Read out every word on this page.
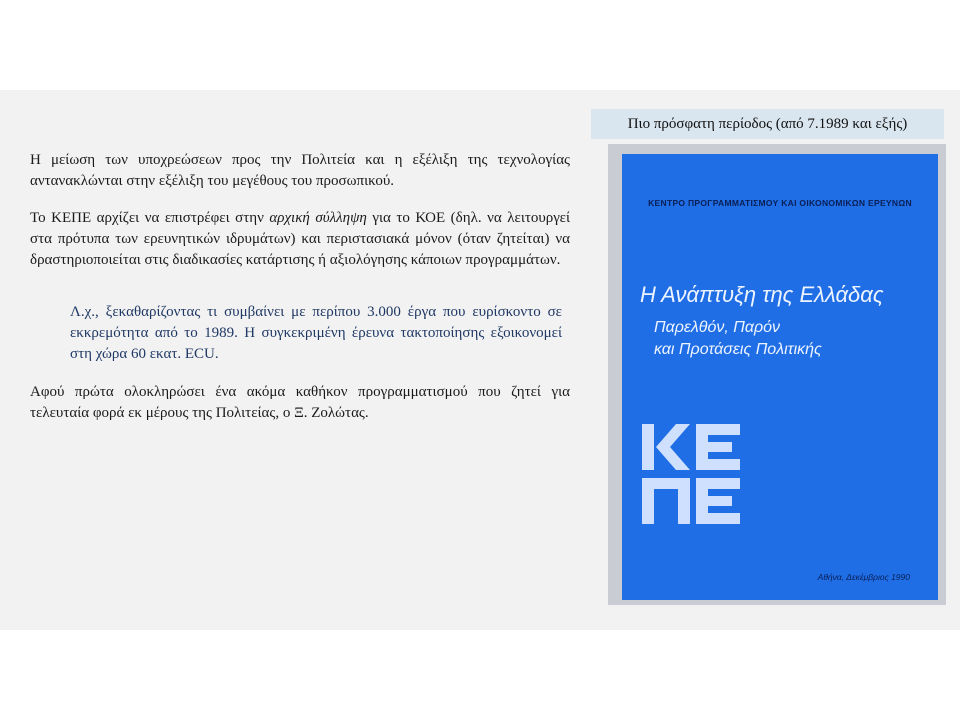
Η μείωση των υποχρεώσεων προς την Πολιτεία και η εξέλιξη της τεχνολογίας αντανακλώνται στην εξέλιξη του μεγέθους του προσωπικού.

Το ΚΕΠΕ αρχίζει να επιστρέφει στην αρχική σύλληψη για το ΚΟΕ (δηλ. να λειτουργεί στα πρότυπα των ερευνητικών ιδρυμάτων) και περιστασιακά μόνον (όταν ζητείται) να δραστηριοποιείται στις διαδικασίες κατάρτισης ή αξιολόγησης κάποιων προγραμμάτων.

Λ.χ., ξεκαθαρίζοντας τι συμβαίνει με περίπου 3.000 έργα που ευρίσκοντο σε εκκρεμότητα από το 1989. Η συγκεκριμένη έρευνα τακτοποίησης εξοικονομεί στη χώρα 60 εκατ. ECU.

Αφού πρώτα ολοκληρώσει ένα ακόμα καθήκον προγραμματισμού που ζητεί για τελευταία φορά εκ μέρους της Πολιτείας, ο Ξ. Ζολώτας.

Πιο πρόσφατη περίοδος (από 7.1989 και εξής)
ΚΕΝΤΡΟ ΠΡΟΓΡΑΜΜΑΤΙΣΜΟΥ ΚΑΙ ΟΙΚΟΝΟΜΙΚΩΝ ΕΡΕΥΝΩΝ
Η Ανάπτυξη της Ελλάδας
Παρελθόν, Παρόν
και Προτάσεις Πολιτικής
Αθήνα, Δεκέμβριος 1990
